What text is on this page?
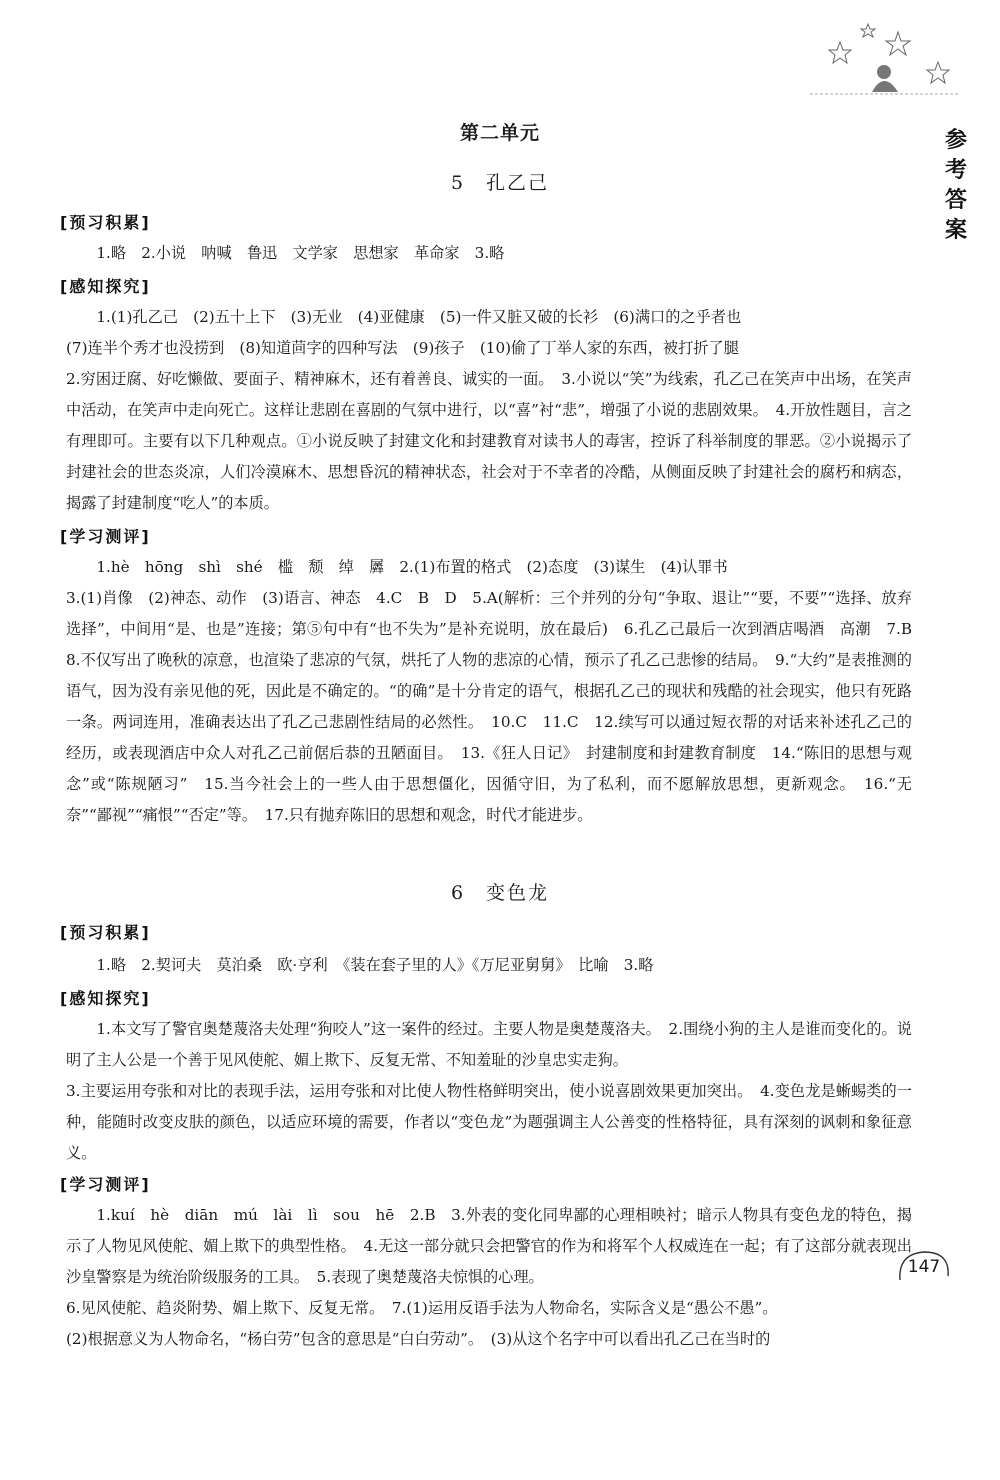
参
考
答
案
第二单元
5　孔乙己
[预习积累]

1.略　2.小说　呐喊　鲁迅　文学家　思想家　革命家　3.略

[感知探究]

1.(1)孔乙己　(2)五十上下　(3)无业　(4)亚健康　(5)一件又脏又破的长衫　(6)满口的之乎者也

(7)连半个秀才也没捞到　(8)知道茴字的四种写法　(9)孩子　(10)偷了丁举人家的东西，被打折了腿

2.穷困迂腐、好吃懒做、要面子、精神麻木，还有着善良、诚实的一面。　3.小说以“笑”为线索，孔乙己在笑声中出场，在笑声中活动，在笑声中走向死亡。这样让悲剧在喜剧的气氛中进行，以“喜”衬“悲”，增强了小说的悲剧效果。　4.开放性题目，言之有理即可。主要有以下几种观点。①小说反映了封建文化和封建教育对读书人的毒害，控诉了科举制度的罪恶。②小说揭示了封建社会的世态炎凉，人们冷漠麻木、思想昏沉的精神状态，社会对于不幸者的冷酷，从侧面反映了封建社会的腐朽和病态，揭露了封建制度“吃人”的本质。

[学习测评]

1.hè　hōng　shì　shé　槛　颓　绰　羼　2.(1)布置的格式　(2)态度　(3)谋生　(4)认罪书

3.(1)肖像　(2)神态、动作　(3)语言、神态　4.C　B　D　5.A(解析：三个并列的分句“争取、退让”“要，不要”“选择、放弃选择”，中间用“是、也是”连接；第⑤句中有“也不失为”是补充说明，放在最后)　6.孔乙己最后一次到酒店喝酒　高潮　7.B　8.不仅写出了晚秋的凉意，也渲染了悲凉的气氛，烘托了人物的悲凉的心情，预示了孔乙己悲惨的结局。　9.“大约”是表推测的语气，因为没有亲见他的死，因此是不确定的。“的确”是十分肯定的语气，根据孔乙己的现状和残酷的社会现实，他只有死路一条。两词连用，准确表达出了孔乙己悲剧性结局的必然性。　10.C　11.C　12.续写可以通过短衣帮的对话来补述孔乙己的经历，或表现酒店中众人对孔乙己前倨后恭的丑陋面目。　13.《狂人日记》　封建制度和封建教育制度　14.“陈旧的思想与观念”或“陈规陋习”　15.当今社会上的一些人由于思想僵化，因循守旧，为了私利，而不愿解放思想，更新观念。　16.“无奈”“鄙视”“痛恨”“否定”等。　17.只有抛弃陈旧的思想和观念，时代才能进步。

6　变色龙
[预习积累]

1.略　2.契诃夫　莫泊桑　欧·亨利　《装在套子里的人》《万尼亚舅舅》　比喻　3.略

[感知探究]

1.本文写了警官奥楚蔑洛夫处理“狗咬人”这一案件的经过。主要人物是奥楚蔑洛夫。　2.围绕小狗的主人是谁而变化的。说明了主人公是一个善于见风使舵、媚上欺下、反复无常、不知羞耻的沙皇忠实走狗。

3.主要运用夸张和对比的表现手法，运用夸张和对比使人物性格鲜明突出，使小说喜剧效果更加突出。　4.变色龙是蜥蜴类的一种，能随时改变皮肤的颜色，以适应环境的需要，作者以“变色龙”为题强调主人公善变的性格特征，具有深刻的讽刺和象征意义。

[学习测评]

1.kuí　hè　diān　mú　lài　lì　sou　hē　2.B　3.外表的变化同卑鄙的心理相映衬；暗示人物具有变色龙的特色，揭示了人物见风使舵、媚上欺下的典型性格。　4.无这一部分就只会把警官的作为和将军个人权威连在一起；有了这部分就表现出沙皇警察是为统治阶级服务的工具。　5.表现了奥楚蔑洛夫惊惧的心理。

6.见风使舵、趋炎附势、媚上欺下、反复无常。　7.(1)运用反语手法为人物命名，实际含义是“愚公不愚”。

(2)根据意义为人物命名，“杨白劳”包含的意思是“白白劳动”。　(3)从这个名字中可以看出孔乙己在当时的

147
